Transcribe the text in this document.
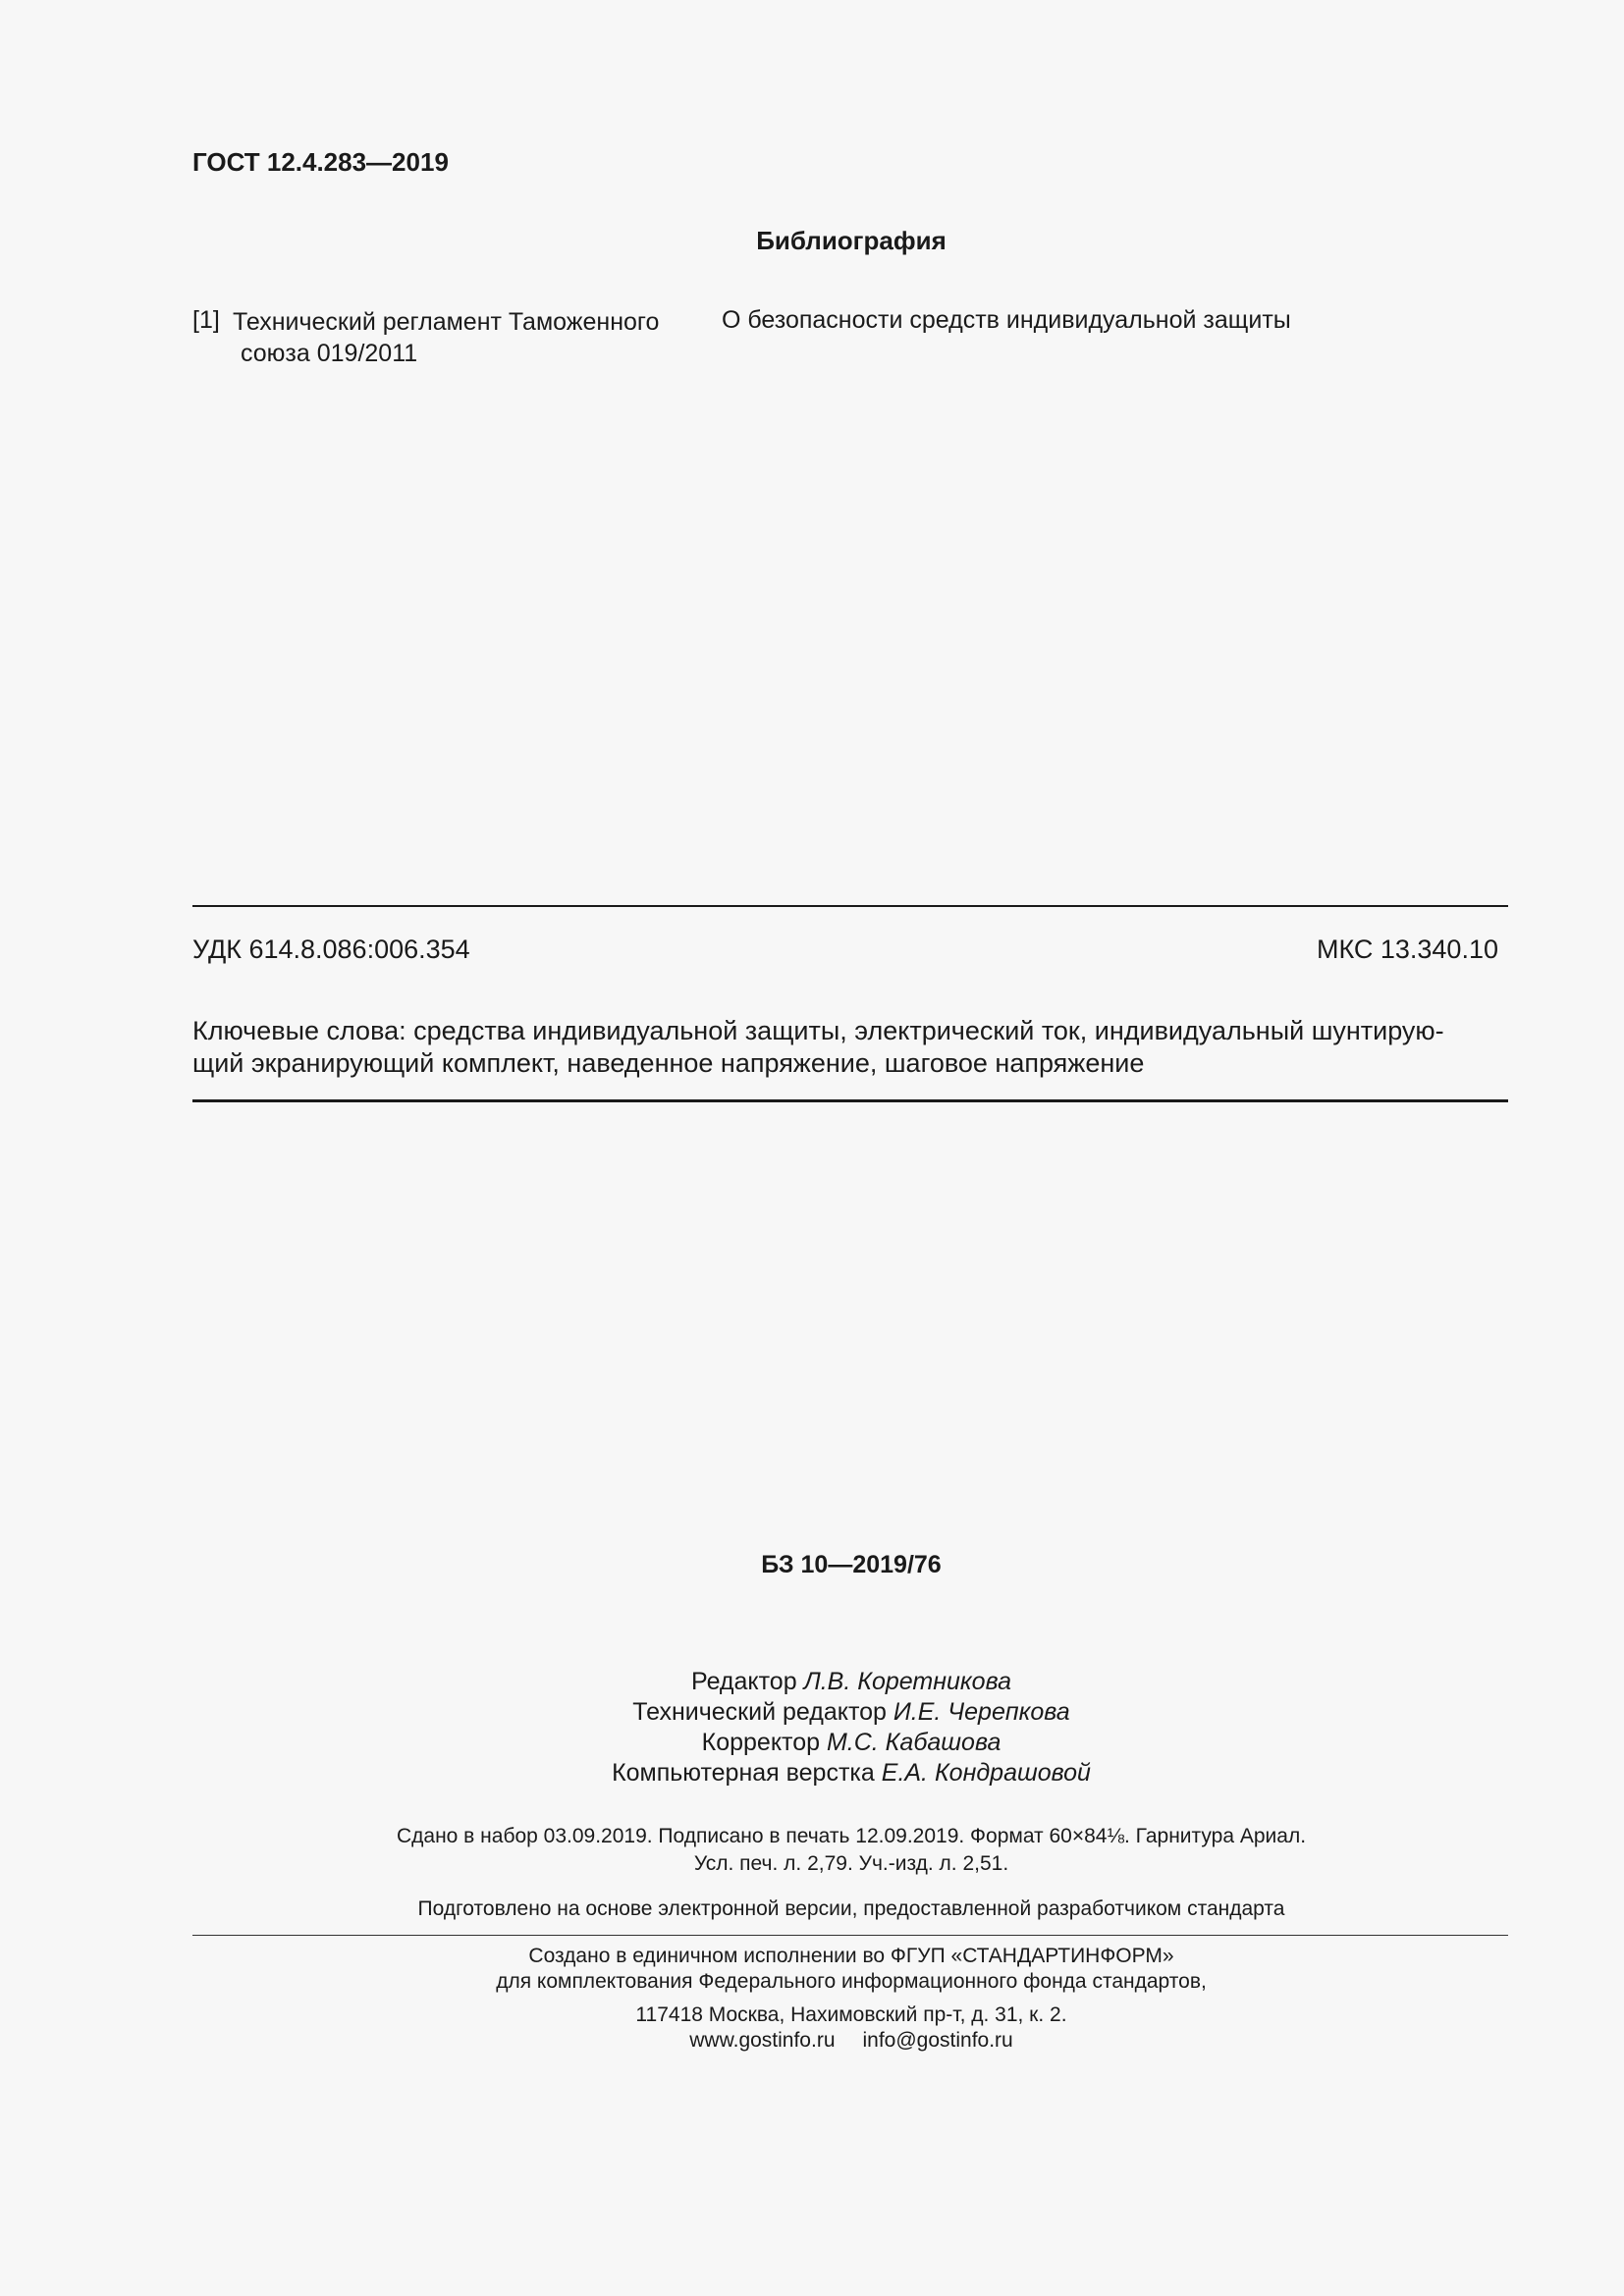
ГОСТ 12.4.283—2019
Библиография
[1] Технический регламент Таможенного
союза 019/2011
О безопасности средств индивидуальной защиты
УДК 614.8.086:006.354	МКС 13.340.10
Ключевые слова: средства индивидуальной защиты, электрический ток, индивидуальный шунтирую-
щий экранирующий комплект, наведенное напряжение, шаговое напряжение
БЗ 10—2019/76
Редактор Л.В. Коретникова
Технический редактор И.Е. Черепкова
Корректор М.С. Кабашова
Компьютерная верстка Е.А. Кондрашовой
Сдано в набор 03.09.2019. Подписано в печать 12.09.2019. Формат 60×84⅛. Гарнитура Ариал.
Усл. печ. л. 2,79. Уч.-изд. л. 2,51.
Подготовлено на основе электронной версии, предоставленной разработчиком стандарта
Создано в единичном исполнении во ФГУП «СТАНДАРТИНФОРМ»
для комплектования Федерального информационного фонда стандартов,
117418 Москва, Нахимовский пр-т, д. 31, к. 2.
www.gostinfo.ru info@gostinfo.ru
